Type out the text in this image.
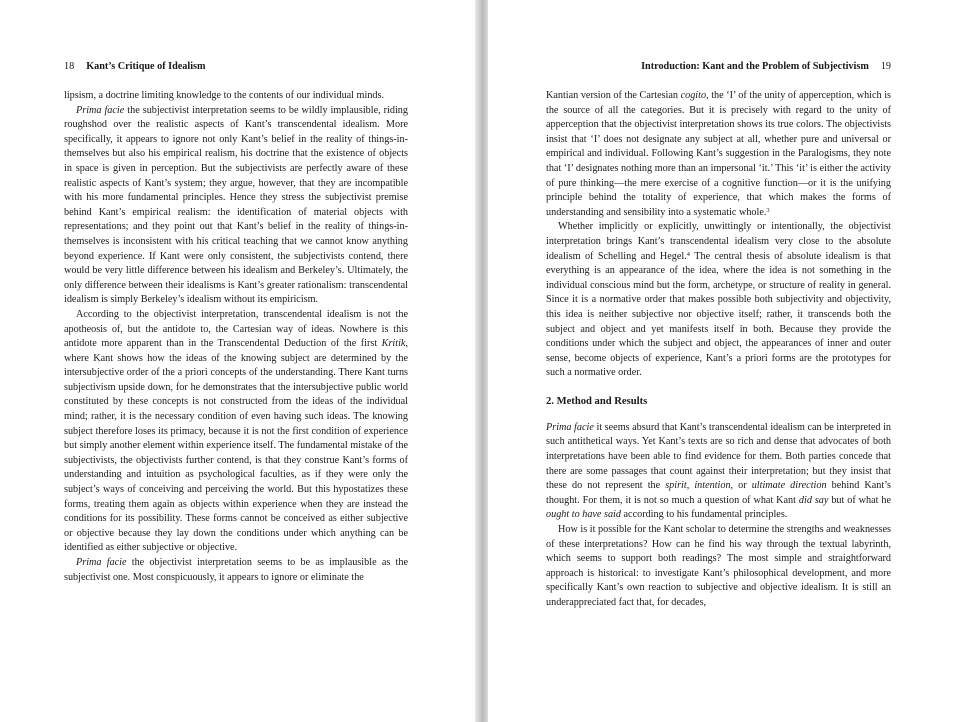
18 Kant’s Critique of Idealism

lipsism, a doctrine limiting knowledge to the contents of our individual minds.

Prima facie the subjectivist interpretation seems to be wildly implausible, riding roughshod over the realistic aspects of Kant’s transcendental idealism. More specifically, it appears to ignore not only Kant’s belief in the reality of things-in-themselves but also his empirical realism, his doctrine that the existence of objects in space is given in perception. But the subjectivists are perfectly aware of these realistic aspects of Kant’s system; they argue, however, that they are incompatible with his more fundamental principles. Hence they stress the subjectivist premise behind Kant’s empirical realism: the identification of material objects with representations; and they point out that Kant’s belief in the reality of things-in-themselves is inconsistent with his critical teaching that we cannot know anything beyond experience. If Kant were only consistent, the subjectivists contend, there would be very little difference between his idealism and Berkeley’s. Ultimately, the only difference between their idealisms is Kant’s greater rationalism: transcendental idealism is simply Berkeley’s idealism without its empiricism.

According to the objectivist interpretation, transcendental idealism is not the apotheosis of, but the antidote to, the Cartesian way of ideas. Nowhere is this antidote more apparent than in the Transcendental Deduction of the first Kritik, where Kant shows how the ideas of the knowing subject are determined by the intersubjective order of the a priori concepts of the understanding. There Kant turns subjectivism upside down, for he demonstrates that the intersubjective public world constituted by these concepts is not constructed from the ideas of the individual mind; rather, it is the necessary condition of even having such ideas. The knowing subject therefore loses its primacy, because it is not the first condition of experience but simply another element within experience itself. The fundamental mistake of the subjectivists, the objectivists further contend, is that they construe Kant’s forms of understanding and intuition as psychological faculties, as if they were only the subject’s ways of conceiving and perceiving the world. But this hypostatizes these forms, treating them again as objects within experience when they are instead the conditions for its possibility. These forms cannot be conceived as either subjective or objective because they lay down the conditions under which anything can be identified as either subjective or objective.

Prima facie the objectivist interpretation seems to be as implausible as the subjectivist one. Most conspicuously, it appears to ignore or eliminate the

Introduction: Kant and the Problem of Subjectivism 19

Kantian version of the Cartesian cogito, the ‘I’ of the unity of apperception, which is the source of all the categories. But it is precisely with regard to the unity of apperception that the objectivist interpretation shows its true colors. The objectivists insist that ‘I’ does not designate any subject at all, whether pure and universal or empirical and individual. Following Kant’s suggestion in the Paralogisms, they note that ‘I’ designates nothing more than an impersonal ‘it.’ This ‘it’ is either the activity of pure thinking—the mere exercise of a cognitive function—or it is the unifying principle behind the totality of experience, that which makes the forms of understanding and sensibility into a systematic whole.$^3$

Whether implicitly or explicitly, unwittingly or intentionally, the objectivist interpretation brings Kant’s transcendental idealism very close to the absolute idealism of Schelling and Hegel.$^4$ The central thesis of absolute idealism is that everything is an appearance of the idea, where the idea is not something in the individual conscious mind but the form, archetype, or structure of reality in general. Since it is a normative order that makes possible both subjectivity and objectivity, this idea is neither subjective nor objective itself; rather, it transcends both the subject and object and yet manifests itself in both. Because they provide the conditions under which the subject and object, the appearances of inner and outer sense, become objects of experience, Kant’s a priori forms are the prototypes for such a normative order.

2. Method and Results

Prima facie it seems absurd that Kant’s transcendental idealism can be interpreted in such antithetical ways. Yet Kant’s texts are so rich and dense that advocates of both interpretations have been able to find evidence for them. Both parties concede that there are some passages that count against their interpretation; but they insist that these do not represent the spirit, intention, or ultimate direction behind Kant’s thought. For them, it is not so much a question of what Kant did say but of what he ought to have said according to his fundamental principles.

How is it possible for the Kant scholar to determine the strengths and weaknesses of these interpretations? How can he find his way through the textual labyrinth, which seems to support both readings? The most simple and straightforward approach is historical: to investigate Kant’s philosophical development, and more specifically Kant’s own reaction to subjective and objective idealism. It is still an underappreciated fact that, for decades,
